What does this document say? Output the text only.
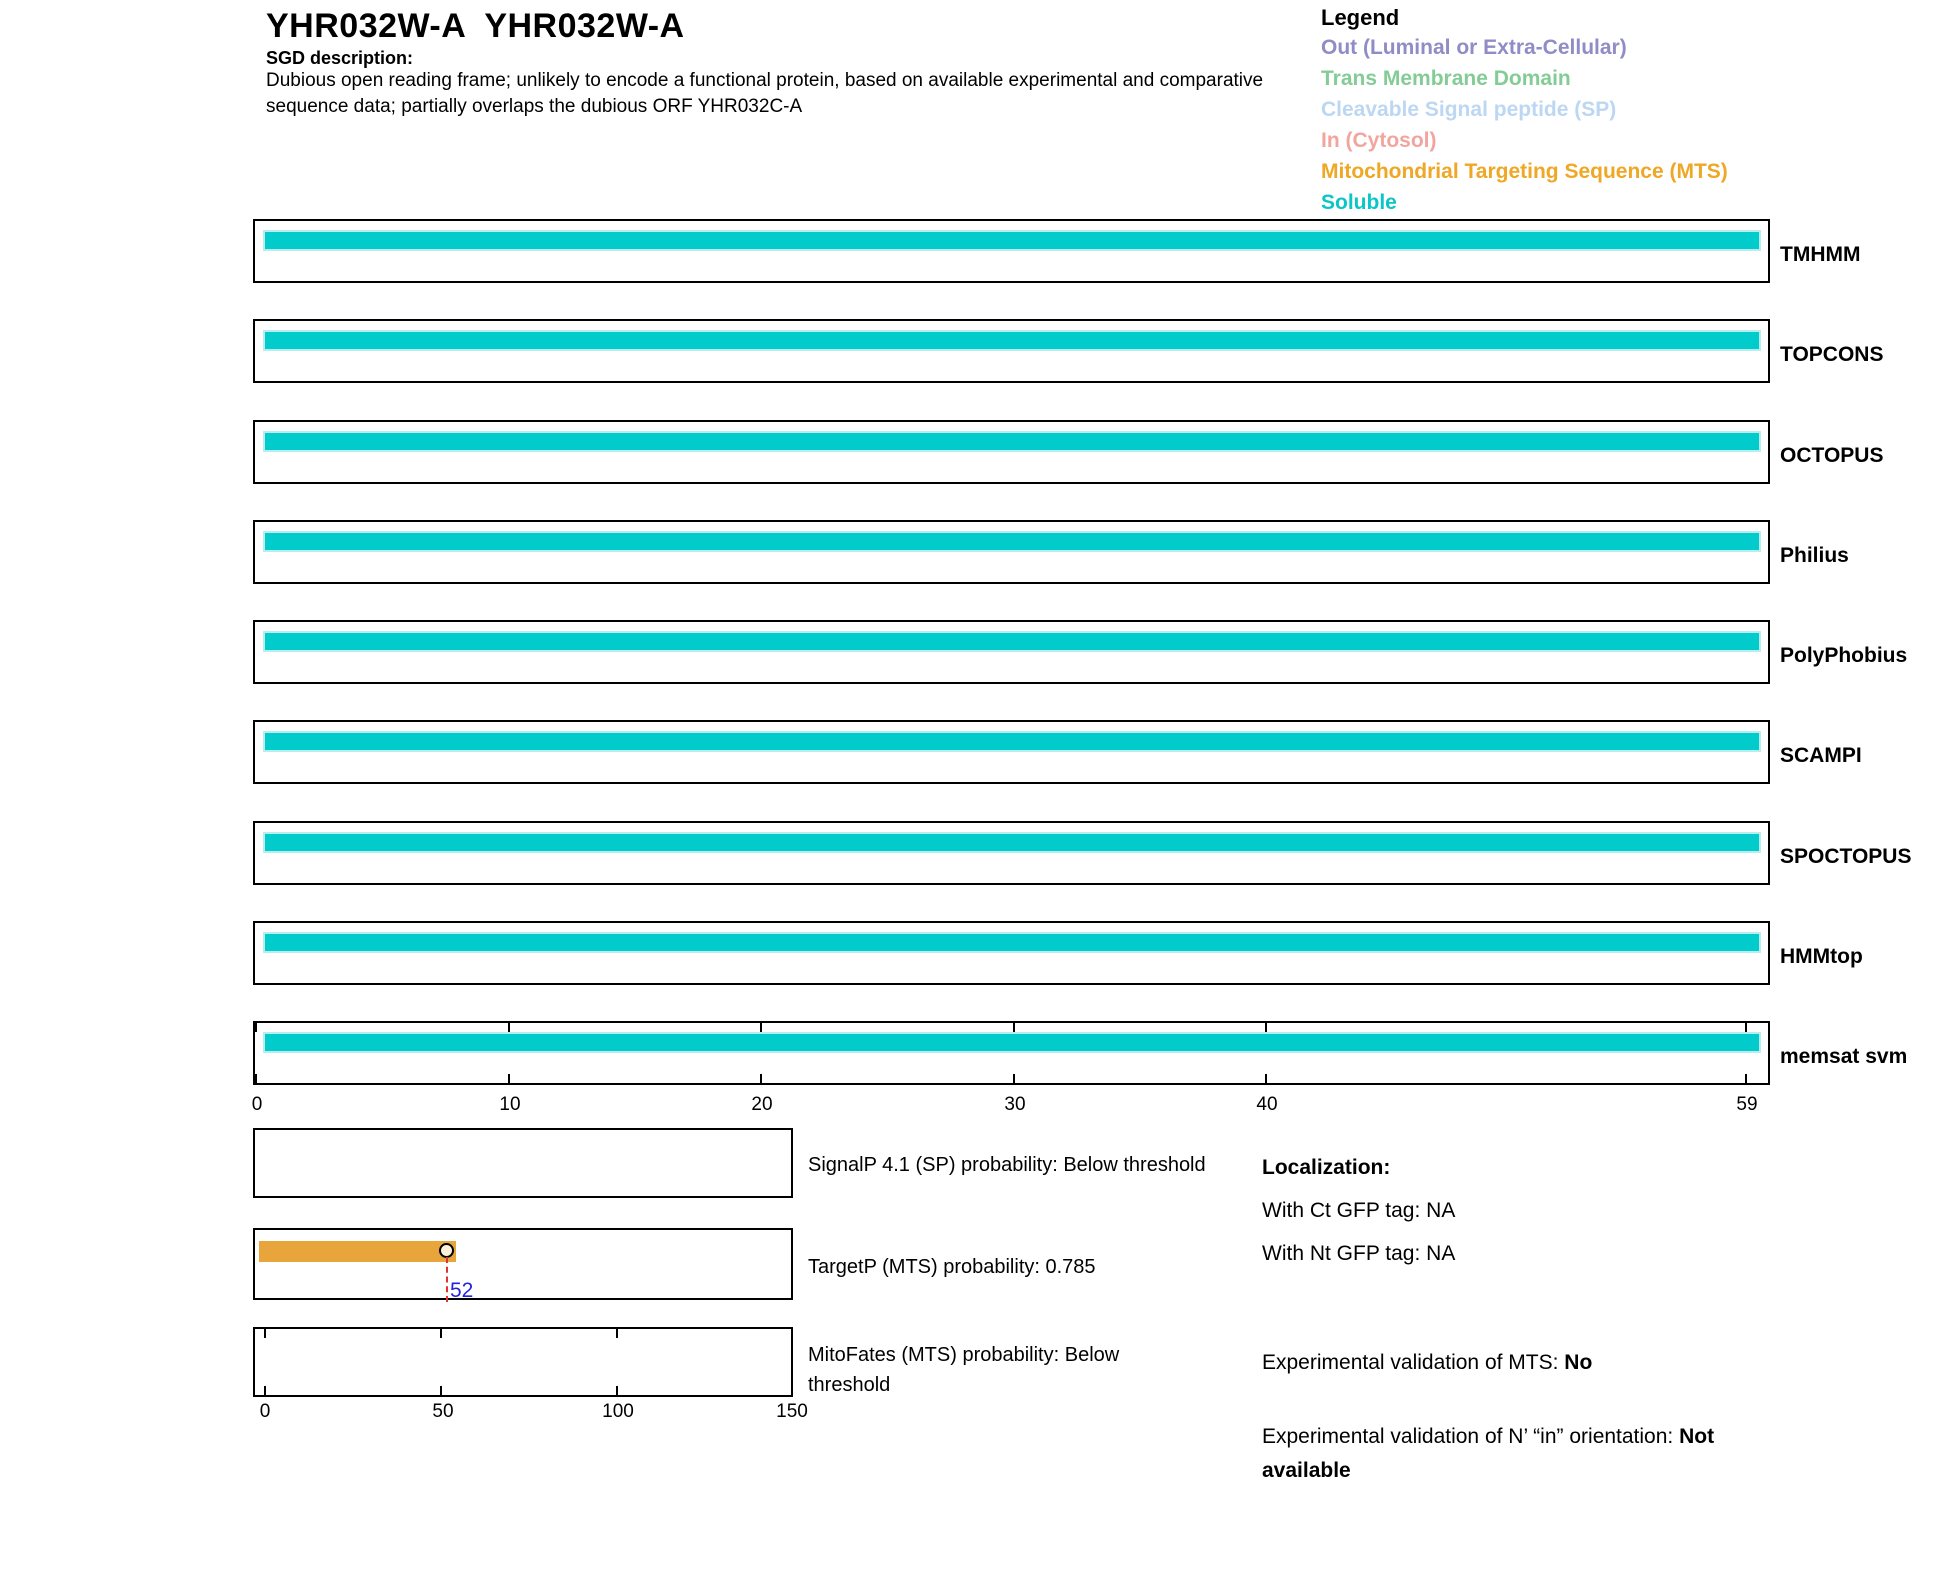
YHR032W-A  YHR032W-A
SGD description:
Dubious open reading frame; unlikely to encode a functional protein, based on available experimental and comparative sequence data; partially overlaps the dubious ORF YHR032C-A
Legend
Out (Luminal or Extra-Cellular)
Trans Membrane Domain
Cleavable Signal peptide (SP)
In (Cytosol)
Mitochondrial Targeting Sequence (MTS)
Soluble
TMHMM
TOPCONS
OCTOPUS
Philius
PolyPhobius
SCAMPI
SPOCTOPUS
HMMtop
memsat svm
0	10	20	30	40	59
SignalP 4.1 (SP) probability: Below threshold
52
TargetP (MTS) probability: 0.785
MitoFates (MTS) probability: Below threshold
0	50	100	150
Localization:
With Ct GFP tag: NA
With Nt GFP tag: NA
Experimental validation of MTS: No
Experimental validation of N’ “in” orientation: Not available
